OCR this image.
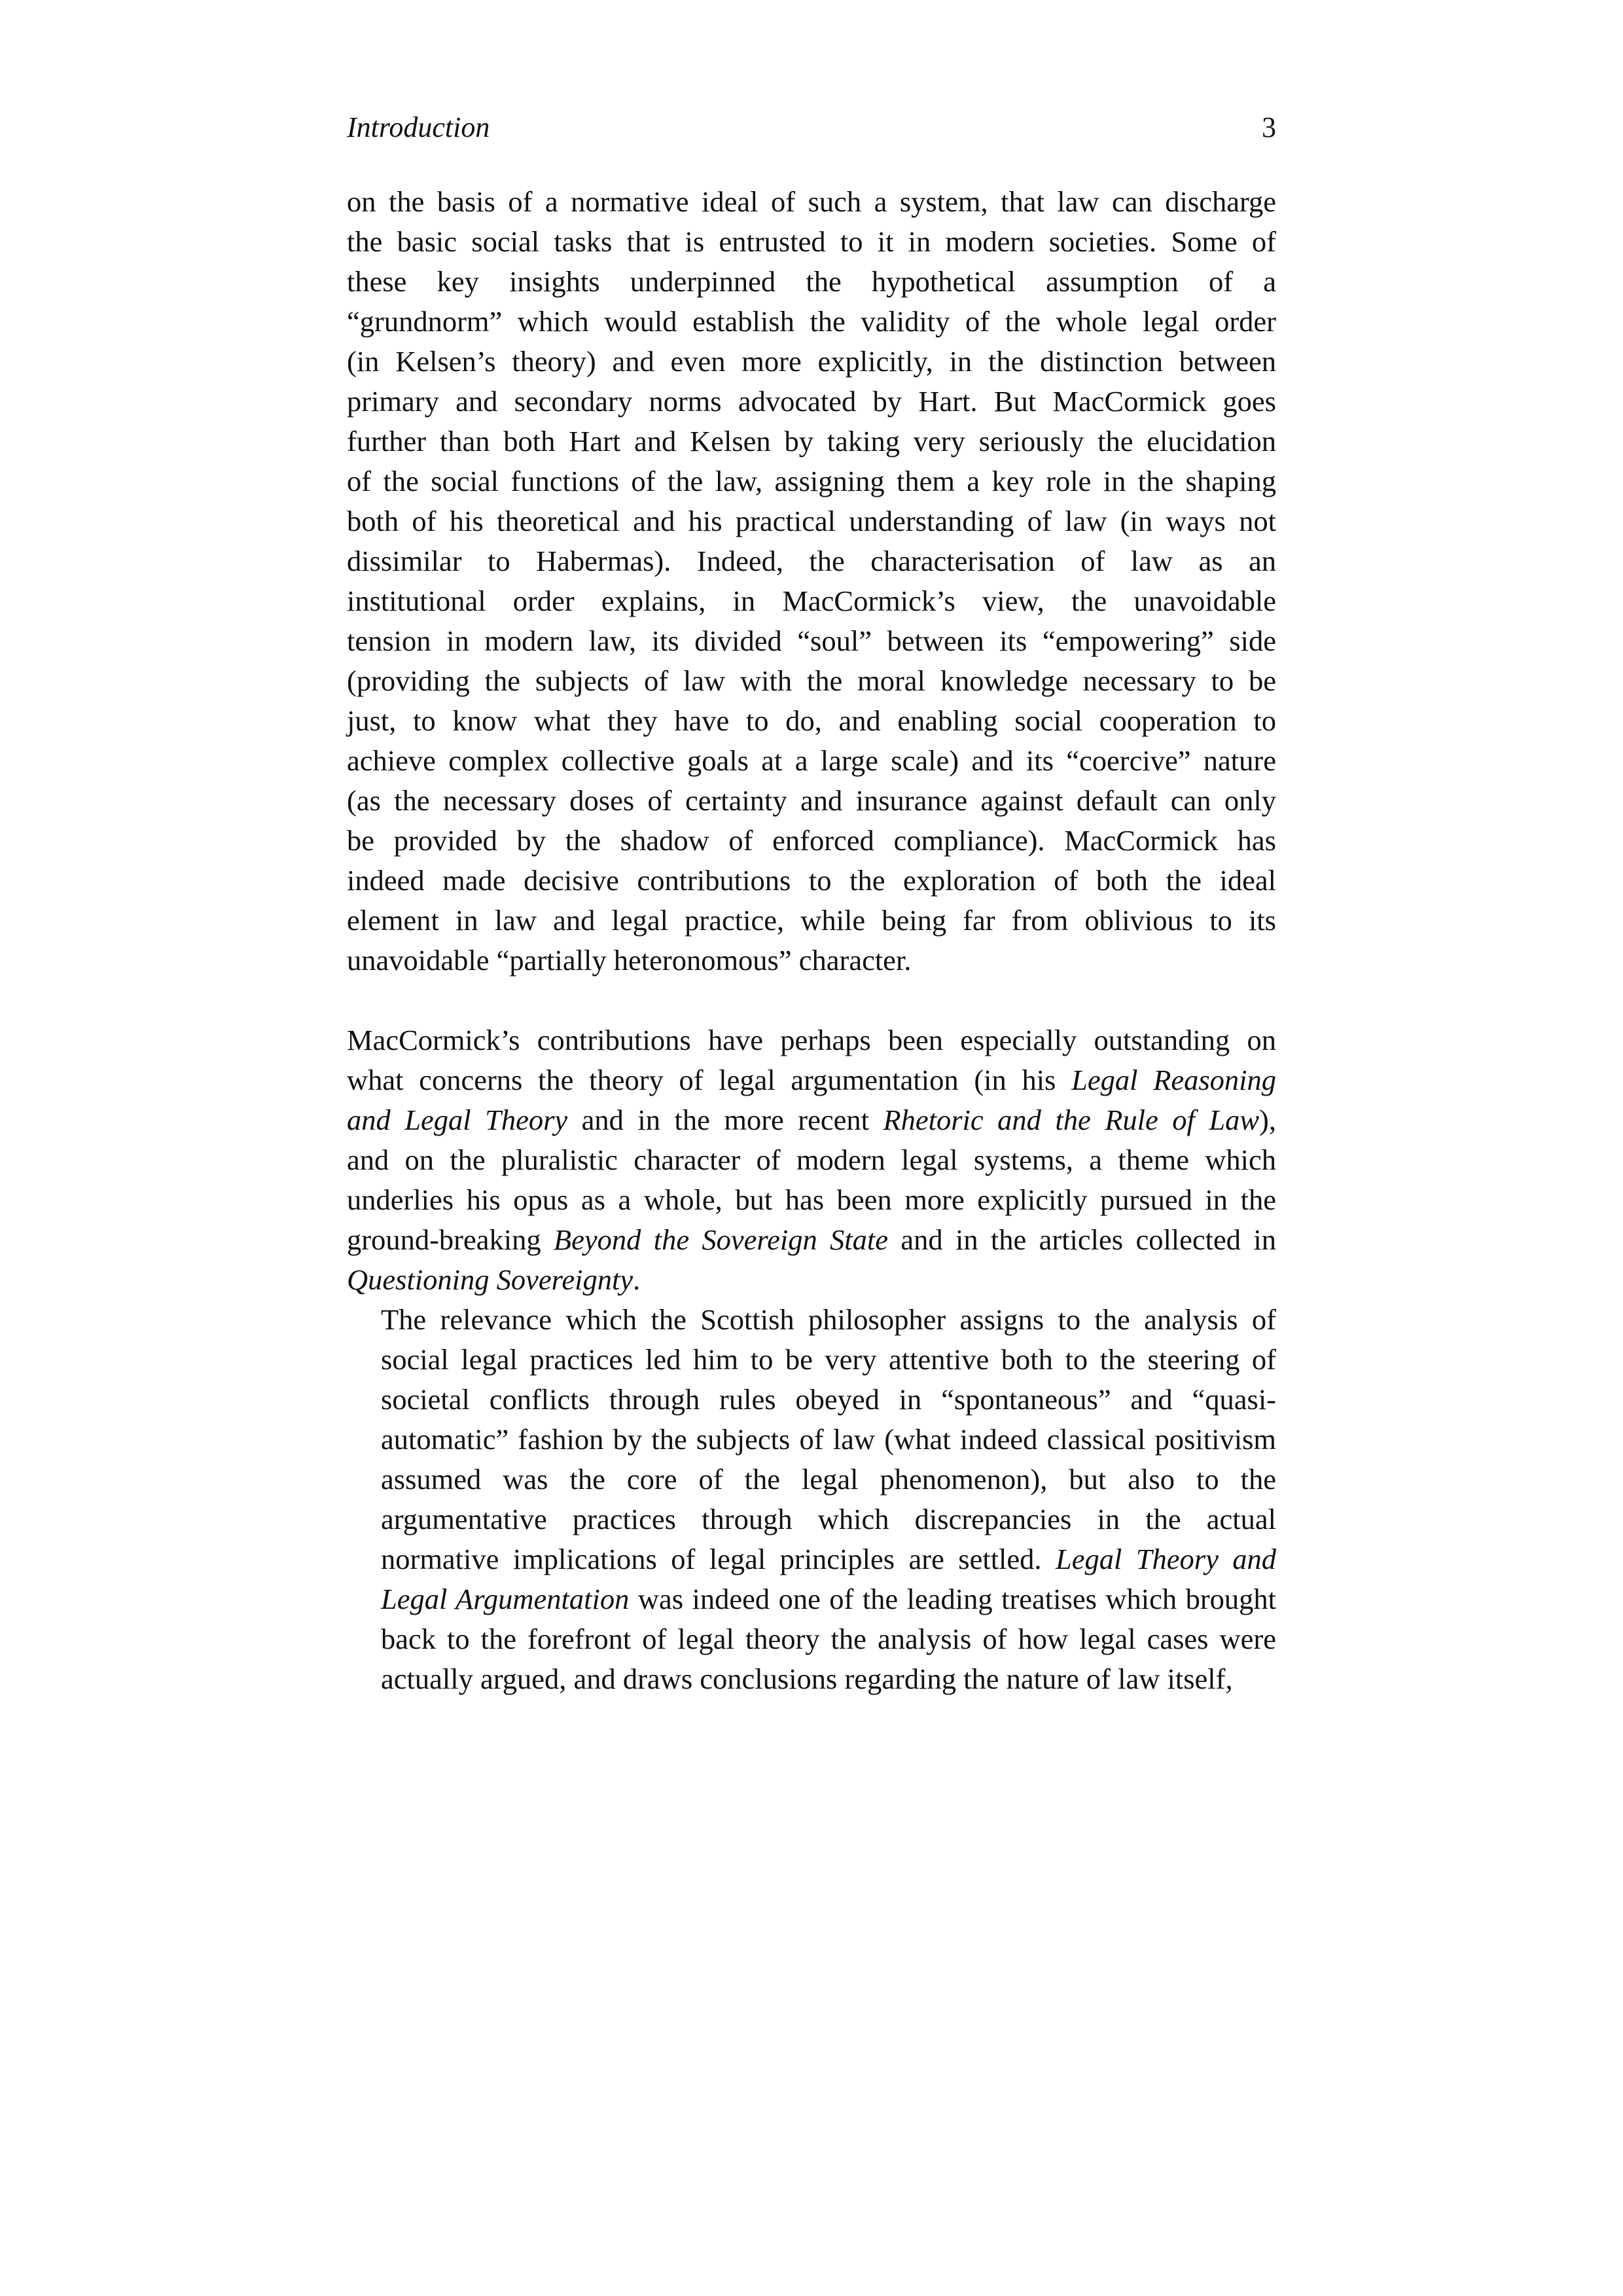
Introduction	3
on the basis of a normative ideal of such a system, that law can discharge
the basic social tasks that is entrusted to it in modern societies. Some of
these key insights underpinned the hypothetical assumption of a
“grundnorm” which would establish the validity of the whole legal order
(in Kelsen’s theory) and even more explicitly, in the distinction between
primary and secondary norms advocated by Hart. But MacCormick goes
further than both Hart and Kelsen by taking very seriously the elucidation
of the social functions of the law, assigning them a key role in the shaping
both of his theoretical and his practical understanding of law (in ways not
dissimilar to Habermas). Indeed, the characterisation of law as an
institutional order explains, in MacCormick’s view, the unavoidable
tension in modern law, its divided “soul” between its “empowering” side
(providing the subjects of law with the moral knowledge necessary to be
just, to know what they have to do, and enabling social cooperation to
achieve complex collective goals at a large scale) and its “coercive” nature
(as the necessary doses of certainty and insurance against default can only
be provided by the shadow of enforced compliance). MacCormick has
indeed made decisive contributions to the exploration of both the ideal
element in law and legal practice, while being far from oblivious to its
unavoidable “partially heteronomous” character.
MacCormick’s contributions have perhaps been especially outstanding on
what concerns the theory of legal argumentation (in his Legal Reasoning
and Legal Theory and in the more recent Rhetoric and the Rule of Law),
and on the pluralistic character of modern legal systems, a theme which
underlies his opus as a whole, but has been more explicitly pursued in the
ground-breaking Beyond the Sovereign State and in the articles collected in
Questioning Sovereignty.
The relevance which the Scottish philosopher assigns to the analysis of
social legal practices led him to be very attentive both to the steering of
societal conflicts through rules obeyed in “spontaneous” and “quasi-
automatic” fashion by the subjects of law (what indeed classical positivism
assumed was the core of the legal phenomenon), but also to the
argumentative practices through which discrepancies in the actual
normative implications of legal principles are settled. Legal Theory and
Legal Argumentation was indeed one of the leading treatises which brought
back to the forefront of legal theory the analysis of how legal cases were
actually argued, and draws conclusions regarding the nature of law itself,
